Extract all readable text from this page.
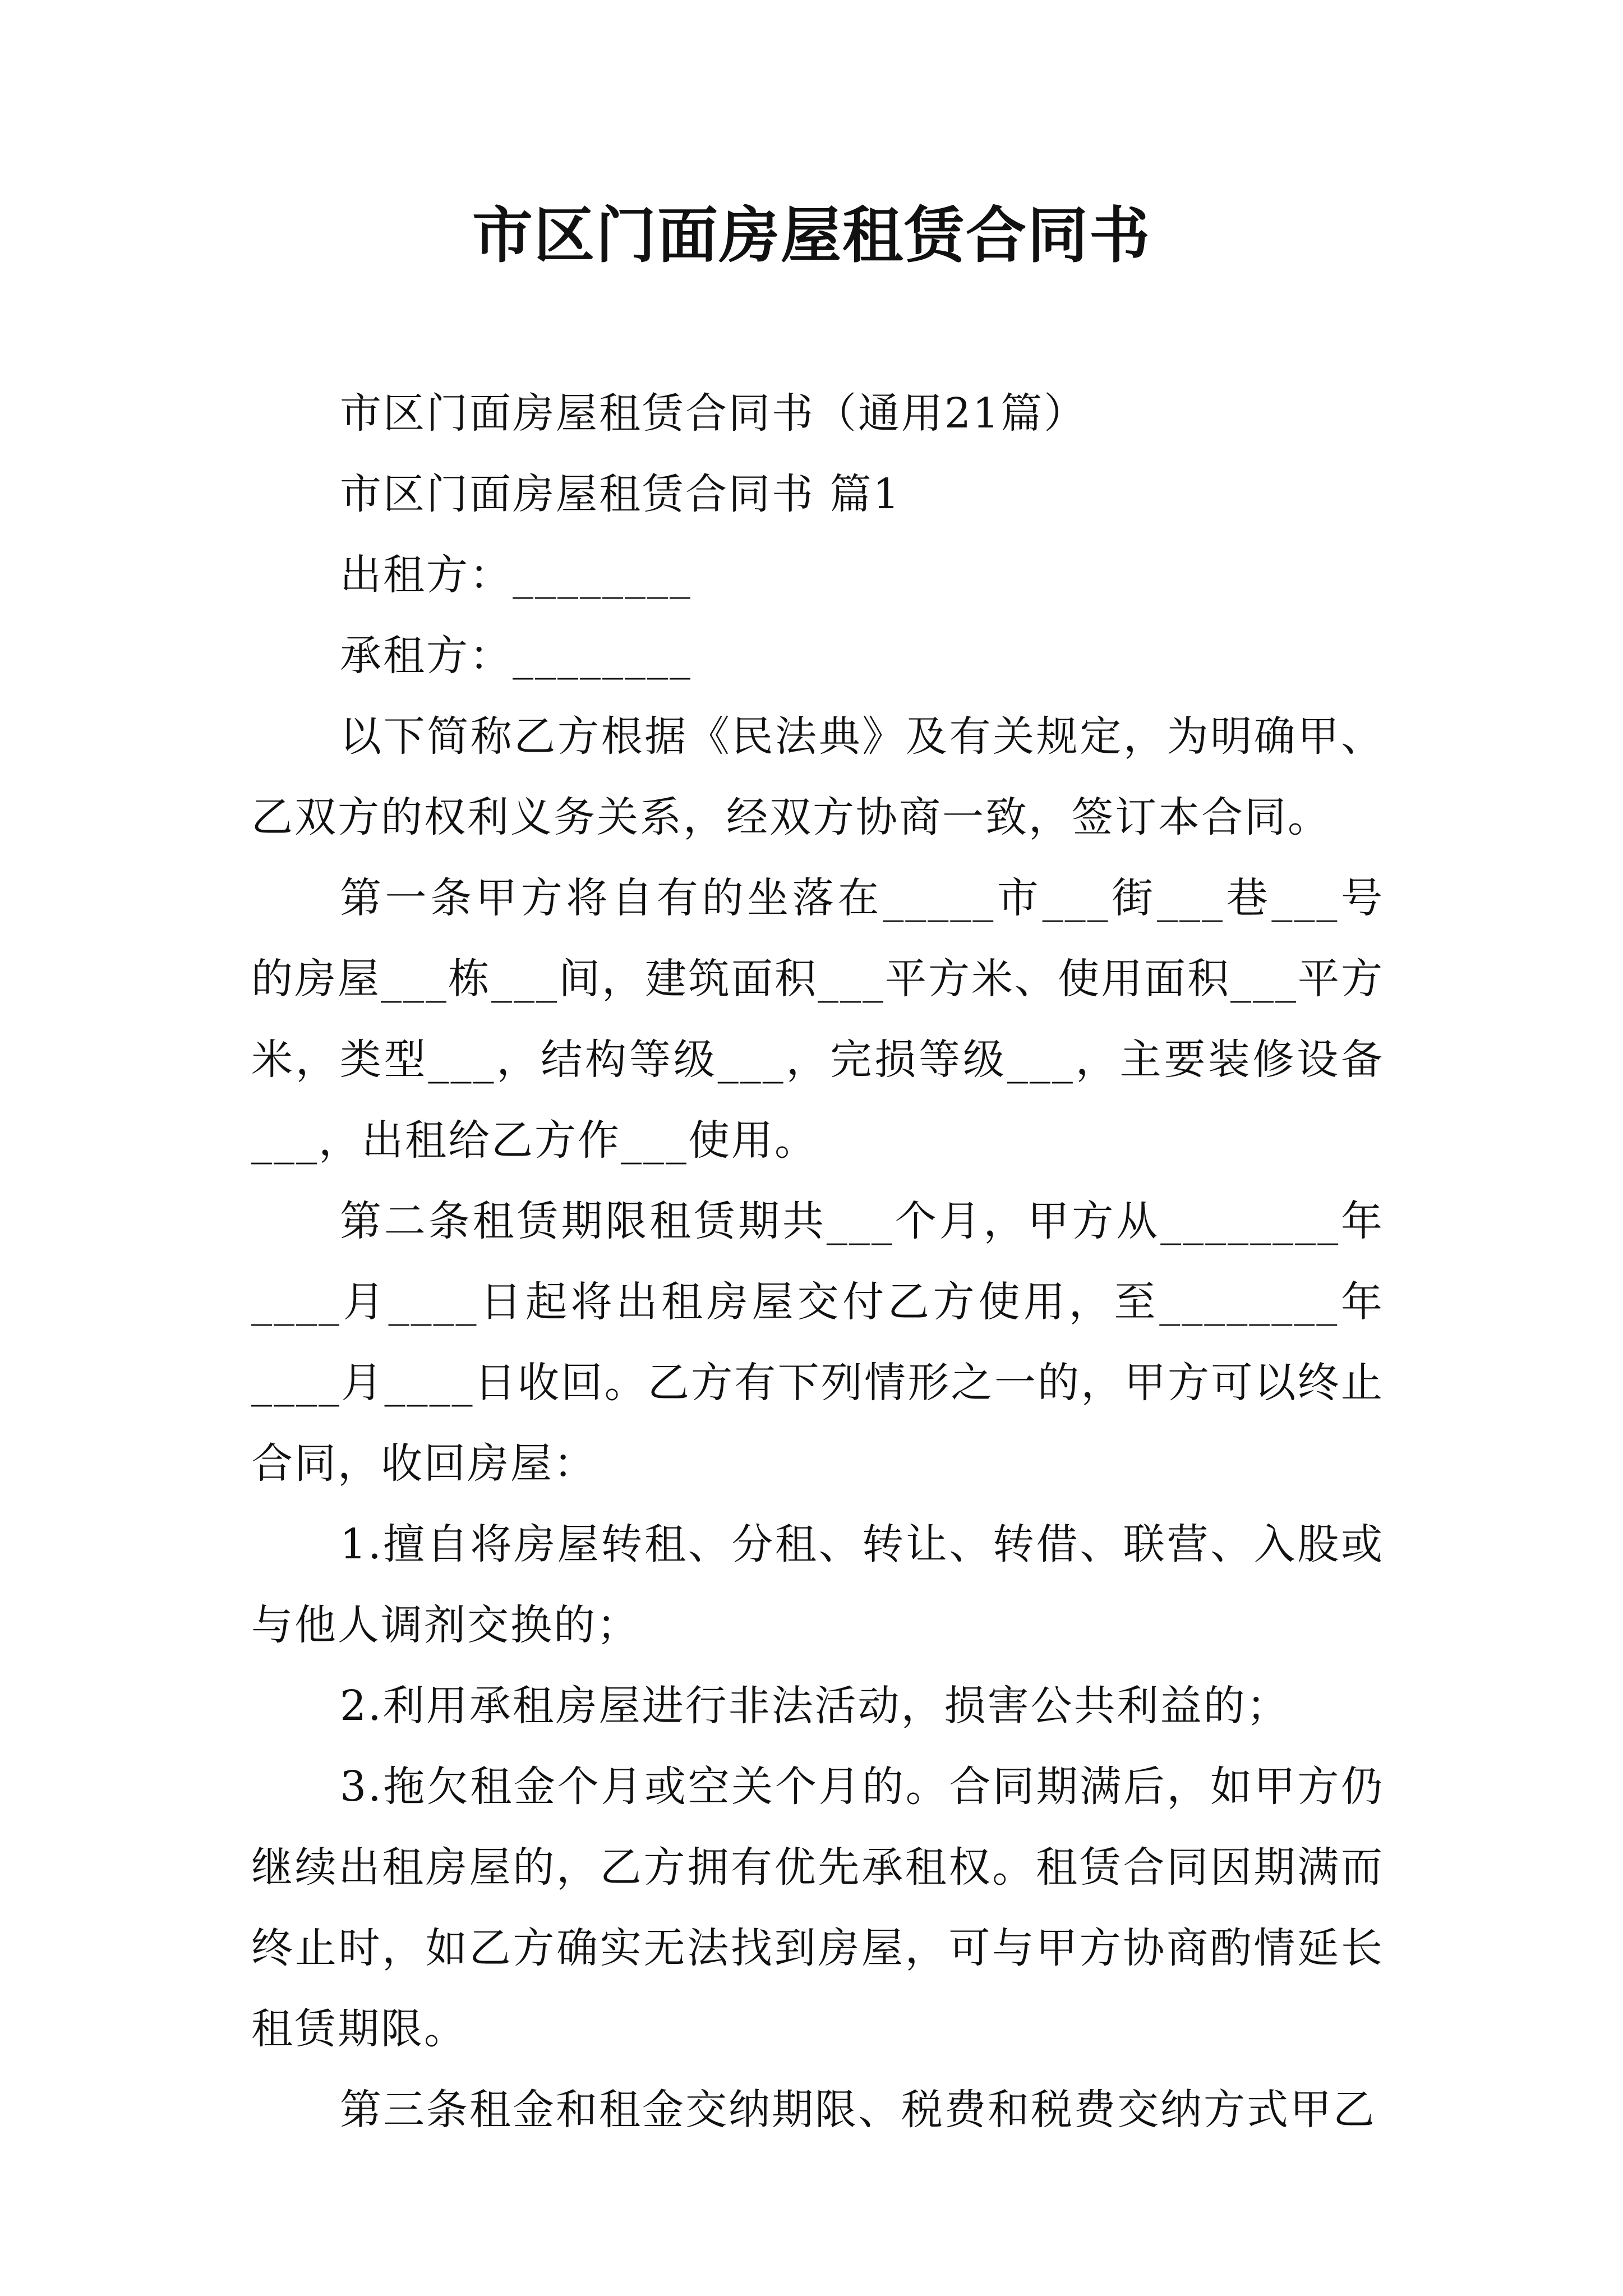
市区门面房屋租赁合同书

市区门面房屋租赁合同书（通用21篇）

市区门面房屋租赁合同书 篇1

出租方：________

承租方：________

以下简称乙方根据《民法典》及有关规定，为明确甲、乙双方的权利义务关系，经双方协商一致，签订本合同。

第一条甲方将自有的坐落在_____市___街___巷___号的房屋___栋___间，建筑面积___平方米、使用面积___平方米，类型___，结构等级___，完损等级___，主要装修设备___，出租给乙方作___使用。

第二条租赁期限租赁期共___个月，甲方从________年____月____日起将出租房屋交付乙方使用，至________年____月____日收回。乙方有下列情形之一的，甲方可以终止合同，收回房屋：

1.擅自将房屋转租、分租、转让、转借、联营、入股或与他人调剂交换的；

2.利用承租房屋进行非法活动，损害公共利益的；

3.拖欠租金个月或空关个月的。合同期满后，如甲方仍继续出租房屋的，乙方拥有优先承租权。租赁合同因期满而终止时，如乙方确实无法找到房屋，可与甲方协商酌情延长租赁期限。

第三条租金和租金交纳期限、税费和税费交纳方式甲乙
